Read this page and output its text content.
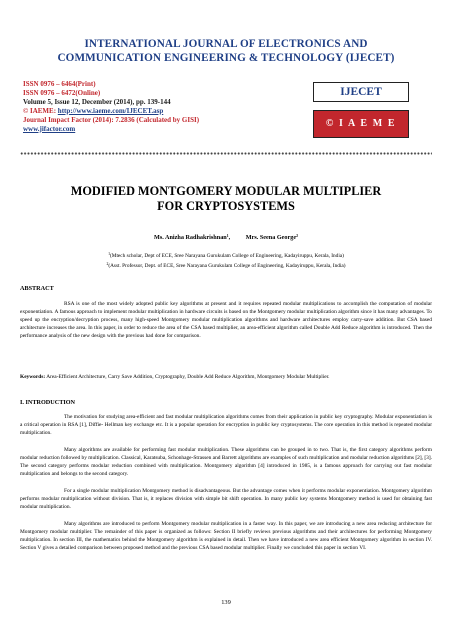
INTERNATIONAL JOURNAL OF ELECTRONICS AND
COMMUNICATION ENGINEERING & TECHNOLOGY (IJECET)
ISSN 0976 – 6464(Print)
ISSN 0976 – 6472(Online)
Volume 5, Issue 12, December (2014), pp. 139-144
© IAEME: http://www.iaeme.com/IJECET.asp
Journal Impact Factor (2014): 7.2836 (Calculated by GISI)
www.jifactor.com
IJECET
© I A E M E
MODIFIED MONTGOMERY MODULAR MULTIPLIER
FOR CRYPTOSYSTEMS
Ms. Anizha Radhakrishnan$^1$,	Mrs. Seena George$^2$
$^1$(Mtech scholar, Dept of ECE, Sree Narayana Gurukulam College of Engineering, Kadayiruppu, Kerala, India)
$^2$(Asst. Professor, Dept. of ECE, Sree Narayana Gurukulam College of Engineering, Kadayiruppu, Kerala, India)
ABSTRACT

RSA is one of the most widely adopted public key algorithms at present and it requires repeated modular multiplications to accomplish the computation of modular exponentiation. A famous approach to implement modular multiplication in hardware circuits is based on the Montgomery modular multiplication algorithm since it has many advantages. To speed up the encryption/decryption process, many high-speed Montgomery modular multiplication algorithms and hardware architectures employ carry-save addition. But CSA based architecture increases the area. In this paper, in order to reduce the area of the CSA based multiplier, an area-efficient algorithm called Double Add Reduce algorithm is introduced. Then the performance analysis of the new design with the previous had done for comparison.

Keywords: Area-Efficient Architecture, Carry Save Addition, Cryptography, Double Add Reduce Algorithm, Montgomery Modular Multiplier.

I. INTRODUCTION

The motivation for studying area-efficient and fast modular multiplication algorithms comes from their application in public key cryptography. Modular exponentiation is a critical operation in RSA [1], Diffie- Hellman key exchange etc. It is a popular operation for encryption in public key cryptosystems. The core operation in this method is repeated modular multiplication.

Many algorithms are available for performing fast modular multiplication. These algorithms can be grouped in to two. That is, the first category algorithms perform modular reduction followed by multiplication. Classical, Karatsuba, Schonhage-Strassen and Barrett algorithms are examples of such multiplication and modular reduction algorithms [2], [3]. The second category performs modular reduction combined with multiplication. Montgomery algorithm [4] introduced in 1985, is a famous approach for carrying out fast modular multiplication and belongs to the second category.

For a single modular multiplication Montgomery method is disadvantageous. But the advantage comes when it performs modular exponentiation. Montgomery algorithm performs modular multiplication without division. That is, it replaces division with simple bit shift operation. In many public key systems Montgomery method is used for obtaining fast modular multiplication.

Many algorithms are introduced to perform Montgomery modular multiplication in a faster way. In this paper, we are introducing a new area reducing architecture for Montgomery modular multiplier. The remainder of this paper is organized as follows: Section II briefly reviews previous algorithms and their architectures for performing Montgomery multiplication. In section III, the mathematics behind the Montgomery algorithm is explained in detail. Then we have introduced a new area efficient Montgomery algorithm in section IV. Section V gives a detailed comparison between proposed method and the previous CSA based modular multiplier. Finally we concluded this paper in section VI.

139
